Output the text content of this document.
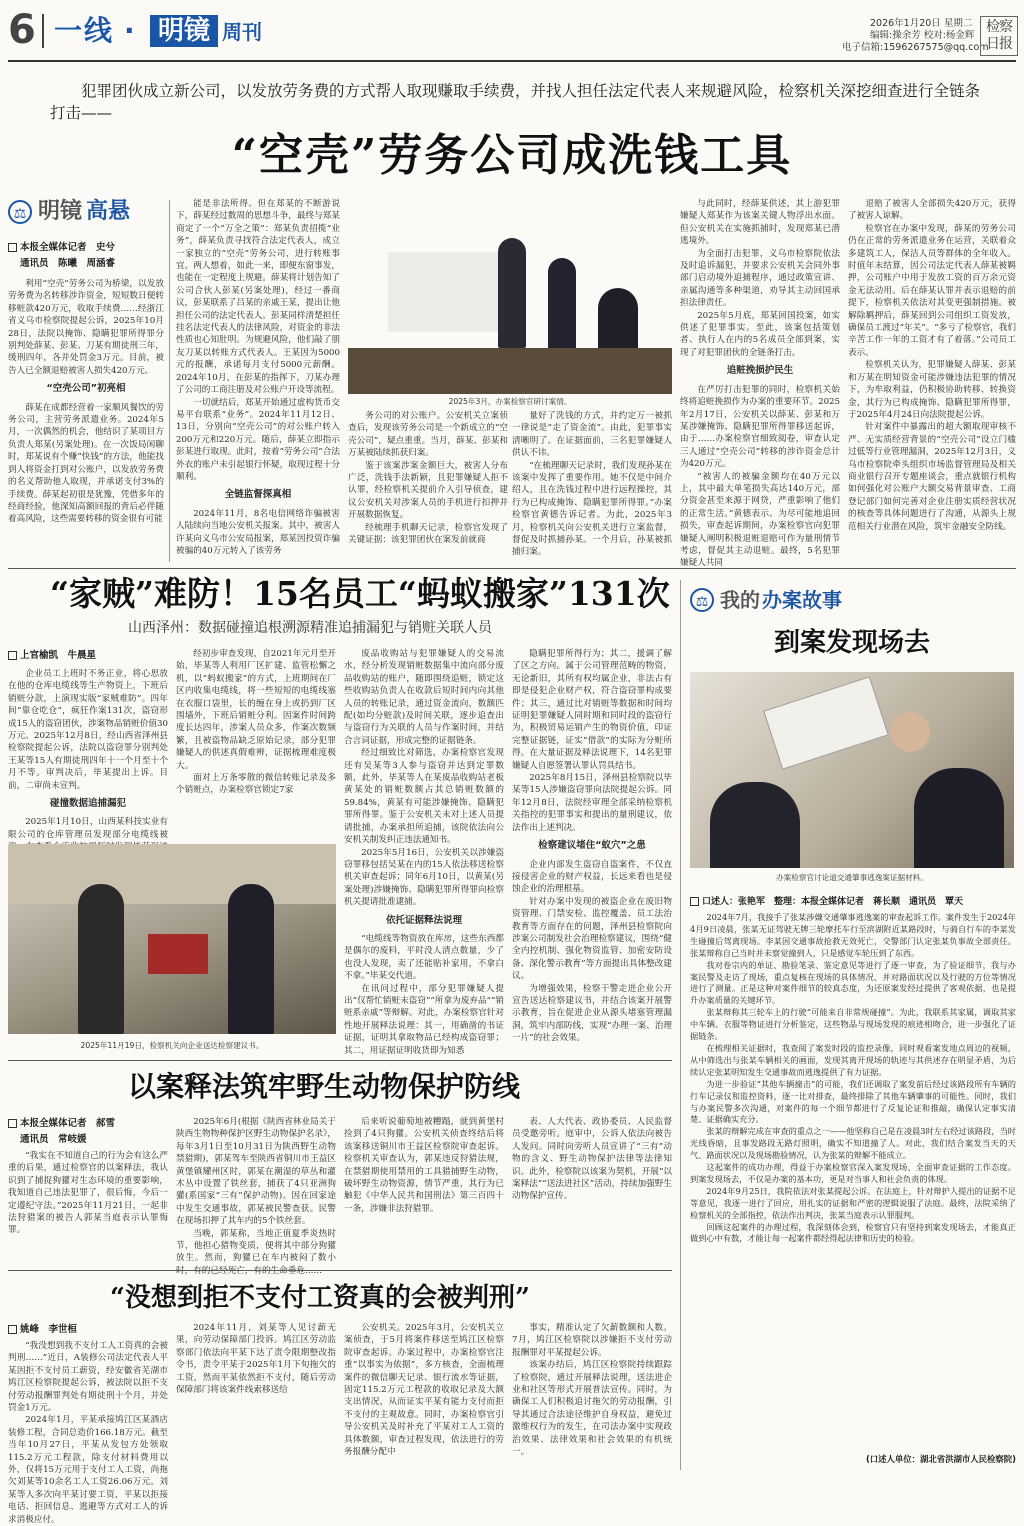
6 一线 · 明镜 周刊	2026年1月20日 星期二
编辑:操余芳 校对:杨金辉
电子信箱:1596267575@qq.com
检察日报
犯罪团伙成立新公司，以发放劳务费的方式帮人取现赚取手续费，并找人担任法定代表人来规避风险，检察机关深挖细查进行全链条打击——
“空壳”劳务公司成洗钱工具
⚖ 明镜 高悬
本报全媒体记者　史兮
通讯员　陈曦　周涵睿

利用“空壳”劳务公司为桥梁，以发放劳务费为名转移涉诈资金，短短数日便转移赃款420万元，收取手续费……经浙江省义乌市检察院提起公诉，2025年10月28日，法院以掩饰、隐瞒犯罪所得罪分别判处薛某、彭某、刀某有期徒刑三年，缓刑四年，各并处罚金3万元。目前，被告人已全额退赔被害人损失420万元。

“空壳公司”初亮相

薛某在成都经营着一家顺风餐饮的劳务公司，主营劳务派遣业务。2024年5月，一次偶然的机会，他结识了某项目方负责人郑某(另案处理)。在一次饭局闲聊时，郑某说有个赚“快钱”的方法，他能找到人将资金打到对公账户，以发放劳务费的名义帮助他人取现，并承诺支付3%的手续费。薛某起初很是犹豫，凭借多年的经商经验，他深知高额回报的背后必伴随着高风险，这些需要转移的资金很有可能

能是非法所得。但在郑某的不断游说下，薛某经过数周的思想斗争，最终与郑某商定了一个“万全之策”：郑某负责招揽“业务”，薛某负责寻找符合法定代表人，成立一家独立的“空壳”劳务公司，进行转账事宜。两人想着，如此一来，即便东窗事发，也能在一定程度上规避。薛某将计划告知了公司合伙人彭某(另案处理)，经过一番商议，彭某联系了吕某的亲戚王某，提出让他担任公司的法定代表人。彭某同样清楚担任挂名法定代表人的法律风险，对资金的非法性质也心知肚明。为规避风险，他们敲了朋友刀某以转账方式代表人。王某因为5000元的报酬，承诺每月支付5000元薪酬。2024年10月，在彭某的指挥下，刀某办理了公司的工商注册及对公账户开设等流程。

一切就结后，郑某开始通过虚构货币交易平台联系“业务”。2024年11月12日、13日，分别向“空壳公司”的对公账户转入200万元和220万元。随后，薛某立即指示彭某进行取现。此时，按着“劳务公司”合法外衣的账户未引起银行怀疑，取现过程十分顺利。

全链监督探真相

2024年11月，8名电信网络诈骗被害人陆续向当地公安机关报案。其中，被害人许某向义乌市公安局报案，郑某因投资诈骗被骗的40万元转入了该劳务

2025年3月，办案检察官研讨案情。

务公司的对公账户。公安机关立案侦查后，发现该劳务公司是一个新成立的“空壳公司”，疑点重重。当月，薛某、彭某和万某被陆续抓获归案。

鉴于该案涉案金额巨大，被害人分布广泛，洗钱手法新颖，且犯罪嫌疑人拒不认罪，经检察机关提前介入引导侦查，建议公安机关对涉案人员的手机进行扣押并开展数据恢复。

经梳理手机聊天记录，检察官发现了关键证据：该犯罪团伙在案发前就商

量好了洗钱的方式，并约定万一被抓一律说是“走了资金流”。由此，犯罪事实清晰明了。在证据面前，三名犯罪嫌疑人供认不讳。

“在梳理聊天记录时，我们发现孙某在该案中发挥了重要作用。她不仅是中间介绍人，且在洗钱过程中进行远程操控，其行为已构成掩饰、隐瞒犯罪所得罪。”办案检察官黄德告诉记者。为此，2025年3月，检察机关向公安机关进行立案监督，督促及时抓捕孙某。一个月后，孙某被抓捕归案。

与此同时，经薛某供述，其上游犯罪嫌疑人郑某作为该案关键人物浮出水面。但公安机关在实施抓捕时，发现郑某已潜逃境外。

为全面打击犯罪，义乌市检察院依法及时追诉漏犯，并要求公安机关会同外事部门启动境外追捕程序，通过政策宣讲、亲属沟通等多种渠道，劝导其主动回国承担法律责任。

2025年5月底，郑某回国投案，如实供述了犯罪事实。至此，该案包括策划者、执行人在内的5名成员全部到案，实现了对犯罪团伙的全链条打击。

追赃挽损护民生

在严厉打击犯罪的同时，检察机关始终将追赃挽损作为办案的重要环节。2025年2月17日，公安机关以薛某、彭某和万某涉嫌掩饰、隐瞒犯罪所得罪移送起诉，由于……办案检察官细致阅卷，审查认定三人通过“空壳公司”转移的涉诈资金总计为420万元。

“被害人的被骗金额均在40万元以上，其中最大单笔损失高达140万元，部分资金甚至来源于网贷，严重影响了他们的正常生活。”黄德表示。为尽可能地追回损失，审查起诉期间，办案检察官向犯罪嫌疑人阐明积极退赃退赔可作为量刑情节考虑，督促其主动退赃。最终，5名犯罪嫌疑人共同

退赔了被害人全部损失420万元，获得了被害人谅解。

检察官在办案中发现，薛某的劳务公司仍在正常的劳务派遣业务在运营，关联着众多建筑工人，保洁人员等群体的全年收入。时值年末结算，因公司法定代表人薛某被羁押，公司账户中用于发放工资的百万余元资金无法动用。后在薛某认罪并表示退赔的前提下，检察机关依法对其变更强制措施。被解除羁押后，薛某回到公司组织工资发放，确保员工渡过“年关”。“多亏了检察官，我们辛苦工作一年的工资才有了着落。”公司员工表示。

检察机关认为，犯罪嫌疑人薛某、彭某和万某在明知资金可能涉嫌违法犯罪的情况下，为牟取利益，仍积极协助转移、转换资金，其行为已构成掩饰、隐瞒犯罪所得罪，于2025年4月24日向法院提起公诉。

针对案件中暴露出的超大额取现审核不严、无实质经营背景的“空壳公司”设立门槛过低等行业管理漏洞，2025年12月3日，义乌市检察院牵头组织市场监督管理局及相关商业银行召开专题座谈会，重点就银行机构如何强化对公账户大额交易背景审查、工商登记部门如何完善对企业注册实质经营状况的核查等具体问题进行了沟通，从源头上规范相关行业潜在风险，筑牢金融安全防线。

“家贼”难防！15名员工“蚂蚁搬家”131次
山西泽州：数据碰撞追根溯源精准追捕漏犯与销赃关联人员
上官榆凯　牛晨星

企业员工上班时不务正业，将心思放在他的仓库电缆线等生产物资上，下班后销赃分款，上演现实版“家贼难防”。四年间“靠仓吃仓”，疯狂作案131次，盗窃形成15人的盗窃团伙，涉案物品销赃价值30万元。2025年12月8日，经山西省泽州县检察院提起公诉，法院以盗窃罪分别判处王某等15人有期徒刑四年十一个月至十个月不等。审判决后，毕某提出上诉。目前，二审尚未宣判。

碰撞数据追捕漏犯

2025年1月10日，山西某科技实业有限公司的仓库管理员发现部分电缆线被

经初步审查发现，自2021年元月至开始，毕某等人利用厂区扩建、监管松懈之机，以“蚂蚁搬家”的方式，上班期间在厂区内收集电缆线，将一些短短的电缆线塞在衣服口袋里，长的缠在身上或扔到厂区围墙外，下班后销赃分利。因案件时间跨度长达四年，涉案人员众多，作案次数频繁，且被盗物品缺乏原始记录，部分犯罪嫌疑人的供述真假难辨，证据梳理难度极大。

面对上万条零散的微信转账记录及多个销赃点，办案检察官锁定7家

2025年11月19日，检察机关向企业送达检察建议书。

废品收购站与犯罪嫌疑人的交易流水，经分析发现销赃数据集中流向部分废品收购站的账户，随即围绕追赃，锁定这些收购站负责人在收款后短时间内向其他人员的转账记录，通过资金流向，数额匹配(如均分赃款)及时间关联，逐步追查出与盗窃行为关联的人员与作案时间，并结合言词证据，形成完整的证据链条。

经过细致比对筛选，办案检察官发现还有吴某等3人参与盗窃并达到定罪数额，此外，毕某等人在某废品收购站老板黄某处的销赃数额占其总销赃数额的59.84%，黄某有可能涉嫌掩饰、隐瞒犯罪所得罪。鉴于公安机关未对上述人员提请批捕，办案承担所追捕，该院依法向公安机关制发纠正违法通知书。

2025年5月16日，公安机关以涉嫌盗窃罪移包括吴某在内的15人依法移送检察机关审查起诉；同年6月10日，以黄某(另案处理)涉嫌掩饰、隐瞒犯罪所得罪向检察机关提请批准逮捕。

依托证据释法说理

“电缆线等物资放在库房，这些东西都是偶尔的废料，平时没人清点数量，少了也没人发现，卖了还能贴补家用，不拿白不拿。”毕某交代道。

在讯问过程中，部分犯罪嫌疑人提出“仅帮忙销赃未盗窃”“所拿为废弃品”“销赃系亲戚”等辩解。对此，办案检察官针对性地开展释法说理：其一，用确凿的书证证据，证明其拿取物品已经构成盗窃罪；其二，用证据证明收货即为知悉

隐瞒犯罪所得行为；其二，援调了解了区之方向。属于公司管理范畴的物资，无论新旧，其所有权均属企业，非法占有即是侵犯企业财产权，符合盗窃罪构成要件；其三，通过比对销赃等数据和时间均证明犯罪嫌疑人同时期和同时段的盗窃行为，积极贸易运销产生的物资价值，印证完整证据链，证实“借款”的实际为分赃所得。在大量证据及释法说理下，14名犯罪嫌疑人自愿签署认罪认罚具结书。

2025年8月15日，泽州县检察院以毕某等15人涉嫌盗窃罪向法院提起公诉。同年12月8日，法院经审理全部采纳检察机关指控的犯罪事实和提出的量刑建议，依法作出上述判决。

检察建议堵住“蚁穴”之患

企业内部发生盗窃自盗案件，不仅直接侵害企业的财产权益，长远来看也是侵蚀企业的治理根基。

针对办案中发现的被盗企业在废旧物资管理、门禁安检、监控覆盖、员工法治教育等方面存在的问题，泽州县检察院向涉案公司制发社会治理检察建议，围绕“健全内控机制、强化物资监管、加密安防设备、深化警示教育”等方面提出具体整改建议。

为增强效果，检察干警走进企业公开宣告送达检察建议书，并结合该案开展警示教育，旨在促进企业从源头堵塞管理漏洞，筑牢内部防线，实现“办理一案、治理一片”的社会效果。

⚖ 我的 办案故事
到案发现场去
办案检察官讨论道交通肇事逃逸案证据材料。
口述人：张艳军　整理：本报全媒体记者　蒋长顺　通讯员　覃天

2024年7月，我接手了张某涉嫌交通肇事逃逸案的审查起诉工作。案件发生于2024年4月9日凌晨，张某无证驾驶无牌三轮摩托车行至滨湖附近某路段时，与骑自行车的李某发生碰撞后驾离现场。李某因交通事故抢救无效死亡，交警部门认定张某负事故全部责任。张某辩称自己当时并未察觉撞到人，只是感觉车轮压到了东西。

我对卷宗内的单证、勘验笔录、鉴定意见等进行了逐一审查，为了验证细节，我与办案民警及走访了现场，重点复核在现场的具体情况、并对路面状况以及行驶的方位等情况进行了测量。正是这种对案件细节的较真态度，为还原案发经过提供了客观依据，也是提升办案质量的关键环节。

张某辩称其三轮车上的行驶“可能来自非常规碰撞”。为此，我联系其家属，调取其家中车辆、衣服等物证进行分析鉴定，这些物品与现场发现的痕迹相吻合，进一步强化了证据链条。

在梳理相关证据时，我查阅了案发时段的监控录像，同时观看案发地点周边的视频，从中筛选出与张某车辆相关的画面，发现其离开现场的轨迹与其供述存在明显矛盾，为后续认定张某明知发生交通事故而逃逸提供了有力证据。

为进一步验证“其他车辆撞击”的可能，我们还调取了案发前后经过该路段所有车辆的行车记录仪和监控资料，逐一比对排查，最终排除了其他车辆肇事的可能性。同时，我们与办案民警多次沟通，对案件的每一个细节都进行了反复论证和推敲，确保认定事实清楚、证据确实充分。

张某的辩解完成在审查的重点之一——他坚称自己是在凌晨3时左右经过该路段，当时光线昏暗，且事发路段无路灯照明，确实不知道撞了人。对此，我们结合案发当天的天气、路面状况以及现场勘验情况，认为张某的辩解不能成立。

这起案件的成功办理，得益于办案检察官深入案发现场、全面审查证据的工作态度。到案发现场去，不仅是办案的基本功，更是对当事人和社会负责的体现。

2024年9月25日，我院依法对张某提起公诉。在法庭上，针对辩护人提出的证据不足等意见，我逐一进行了回应，用扎实的证据和严密的逻辑说服了法庭。最终，法院采纳了检察机关的全部指控，依法作出判决，张某当庭表示认罪服判。

回顾这起案件的办理过程，我深刻体会到，检察官只有坚持到案发现场去，才能真正做到心中有数，才能让每一起案件都经得起法律和历史的检验。

(口述人单位：湖北省洪湖市人民检察院)
以案释法筑牢野生动物保护防线
本报全媒体记者　郝雪
通讯员　常岐媛

“我实在不知道自己的行为会有这么严重的后果，通过检察官的以案释法，我认识到了捕捉狗獾对生态环境的重要影响，我知道自己违法犯罪了，很后悔，今后一定遵纪守法。”2025年11月21日，一起非法狩猎案的被告人郭某当庭表示认罪悔罪。

2025年6月(根据《陕西省林业局关于陕西生物物种保护区野生动物保护名录》，每年3月1日至10月31日为陕西野生动物禁猎期)，郭某驾车至陕西省铜川市王益区黄堡镇耀州区时，郭某在潮湿的草丛和灌木丛中设置了铁丝套，捕获了4只亚洲狗獾(系国家“三有”保护动物)。因在回家途中发生交通事故，郭某被民警查获。民警在现场扣押了其车内的5个铁丝套。

当晚，郭某称，当地正值夏季炎热时节，他担心猎物变质，便将其中部分狗獾放生。然而，狗獾已在车内被闷了数小

后来听说葡萄地被糟蹋，就到黄堡村捡到了4只狗獾。公安机关侦查终结后将该案移送铜川市王益区检察院审查起诉。检察机关审查认为，郭某违反狩猎法规，在禁猎期使用禁用的工具猎捕野生动物，破坏野生动物资源，情节严重，其行为已触犯《中华人民共和国刑法》第三百四十一条，涉嫌非法狩猎罪。

表、人大代表、政协委员、人民监督员受邀旁听。庭审中，公诉人依法向被告人发问。同时向旁听人员宣讲了“三有”动物的含义、野生动物保护法律等法律知识。此外，检察院以该案为契机，开展“以案释法”“送法进社区”活动，持续加强野生动物保护宣传。

“没想到拒不支付工资真的会被判刑”
姚峰　李世桓

“我没想到我不支付工人工资真的会被判刑……”近日，A装修公司法定代表人平某因拒不支付员工薪资，经安徽省芜湖市鸠江区检察院提起公诉，被法院以拒不支付劳动报酬罪判处有期徒刑十个月，并处罚金1万元。

2024年1月，平某承接鸠江区某酒店装修工程，合同总造价166.18万元。截至当年10月27日，平某从发包方处领取115.2万元工程款，除支付材料费用以外，仅将15万元用于支付工人工资，尚拖欠刘某等10余名工人工资26.06万元。刘某等人多次向平某讨要工资，平某以拒接电话、拒回信息、逃避等方式对工人的诉求消极应付。

2024年11月，刘某等人见讨薪无果，向劳动保障部门投诉。鸠江区劳动监察部门依法向平某下达了责令限期整改指令书，责令平某于2025年1月下旬拖欠的工资，然而平某依然拒不支付，随后劳动保障部门将该案件线索移送给

公安机关。2025年3月，公安机关立案侦查，于5月将案件移送至鸠江区检察院审查起诉。办案过程中，办案检察官注重“以事实为依据”，多方核查，全面梳理案件的微信聊天记录、银行流水等证据，固定115.2万元工程款的收取记录及大额支出情况，从而证实平某有能力支付而拒不支付的主观故意。同时，办案检察官引导公安机关及时补充了平某对工人工资的具体数额，审查过程发现，依法进行的劳务报酬分配中

事实，精准认定了欠薪数额和人数。7月，鸠江区检察院以涉嫌拒不支付劳动报酬罪对平某提起公诉。

该案办结后，鸠江区检察院持续跟踪了检察院，通过开展释法说理，送法进企业和社区等形式开展普法宣传。同时，为确保工人们积极追讨拖欠的劳动报酬，引导其通过合法途径维护自身权益，避免过激维权行为的发生，在司法办案中实现政治效果、法律效果和社会效果的有机统一。
